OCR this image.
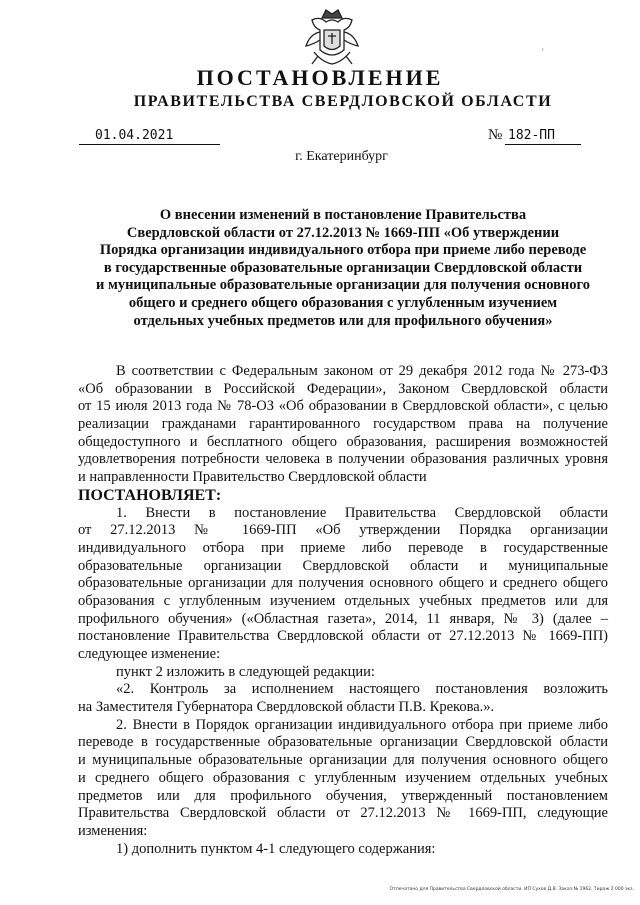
'
ПОСТАНОВЛЕНИЕ
ПРАВИТЕЛЬСТВА СВЕРДЛОВСКОЙ ОБЛАСТИ
01.04.2021	№ 182-ПП
г. Екатеринбург
О внесении изменений в постановление Правительства
Свердловской области от 27.12.2013 № 1669-ПП «Об утверждении
Порядка организации индивидуального отбора при приеме либо переводе
в государственные образовательные организации Свердловской области
и муниципальные образовательные организации для получения основного
общего и среднего общего образования с углубленным изучением
отдельных учебных предметов или для профильного обучения»
В соответствии с Федеральным законом от 29 декабря 2012 года № 273-ФЗ
«Об образовании в Российской Федерации», Законом Свердловской области
от 15 июля 2013 года № 78-ОЗ «Об образовании в Свердловской области», с целью
реализации гражданами гарантированного государством права на получение
общедоступного и бесплатного общего образования, расширения возможностей
удовлетворения потребности человека в получении образования различных уровня
и направленности Правительство Свердловской области
ПОСТАНОВЛЯЕТ:
1. Внести в постановление Правительства Свердловской области
от 27.12.2013 № 1669-ПП «Об утверждении Порядка организации
индивидуального отбора при приеме либо переводе в государственные
образовательные организации Свердловской области и муниципальные
образовательные организации для получения основного общего и среднего общего
образования с углубленным изучением отдельных учебных предметов или для
профильного обучения» («Областная газета», 2014, 11 января, № 3) (далее –
постановление Правительства Свердловской области от 27.12.2013 № 1669-ПП)
следующее изменение:
пункт 2 изложить в следующей редакции:
«2. Контроль за исполнением настоящего постановления возложить
на Заместителя Губернатора Свердловской области П.В. Крекова.».
2. Внести в Порядок организации индивидуального отбора при приеме либо
переводе в государственные образовательные организации Свердловской области
и муниципальные образовательные организации для получения основного общего
и среднего общего образования с углубленным изучением отдельных учебных
предметов или для профильного обучения, утвержденный постановлением
Правительства Свердловской области от 27.12.2013 № 1669-ПП, следующие
изменения:
1) дополнить пунктом 4-1 следующего содержания:
Отпечатано для Правительства Свердловской области. ИП Сухов Д.В. Заказ № 1962. Тираж 2 000 экз.
